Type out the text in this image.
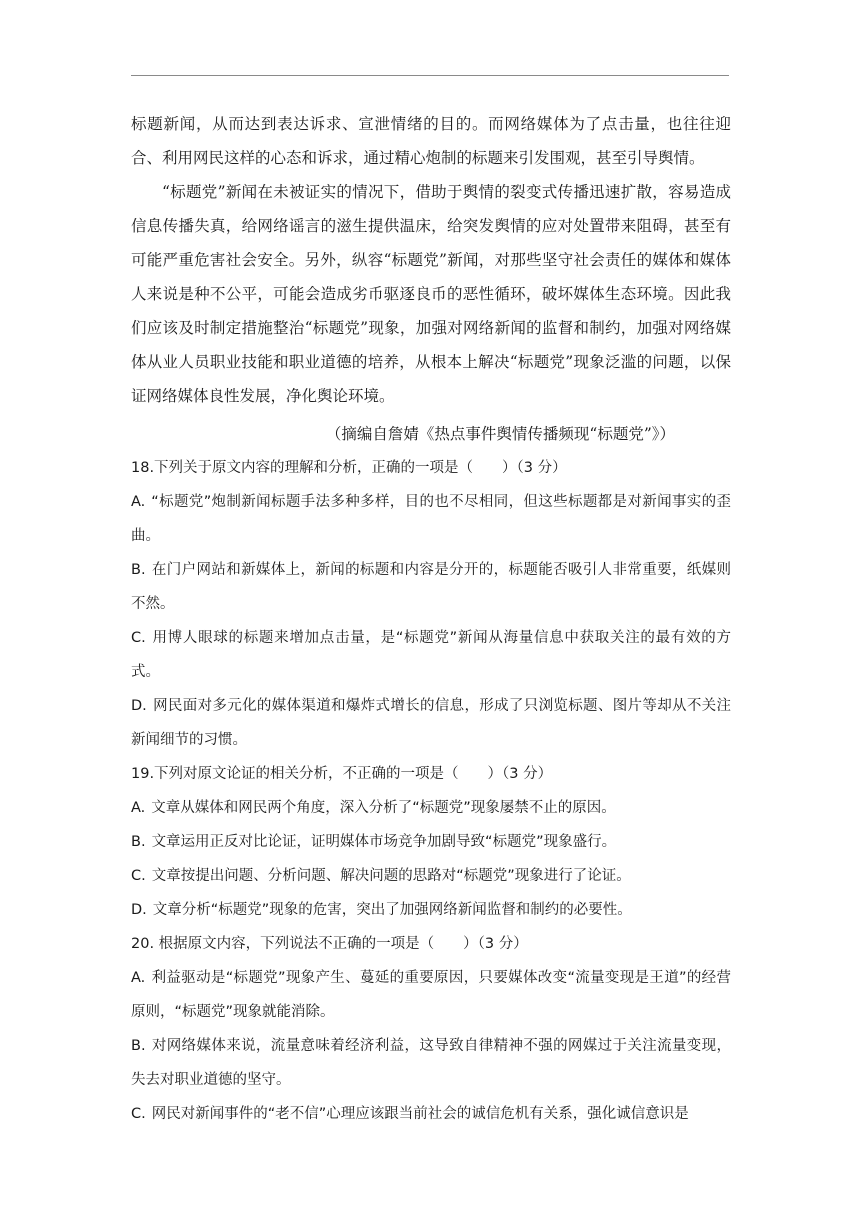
标题新闻，从而达到表达诉求、宣泄情绪的目的。而网络媒体为了点击量，也往往迎合、利用网民这样的心态和诉求，通过精心炮制的标题来引发围观，甚至引导舆情。

“标题党”新闻在未被证实的情况下，借助于舆情的裂变式传播迅速扩散，容易造成信息传播失真，给网络谣言的滋生提供温床，给突发舆情的应对处置带来阻碍，甚至有可能严重危害社会安全。另外，纵容“标题党”新闻，对那些坚守社会责任的媒体和媒体人来说是种不公平，可能会造成劣币驱逐良币的恶性循环，破坏媒体生态环境。因此我们应该及时制定措施整治“标题党”现象，加强对网络新闻的监督和制约，加强对网络媒体从业人员职业技能和职业道德的培养，从根本上解决“标题党”现象泛滥的问题，以保证网络媒体良性发展，净化舆论环境。

（摘编自詹婧《热点事件舆情传播频现“标题党”》）

18.下列关于原文内容的理解和分析，正确的一项是（　　）（3 分）

A. “标题党”炮制新闻标题手法多种多样，目的也不尽相同，但这些标题都是对新闻事实的歪曲。

B. 在门户网站和新媒体上，新闻的标题和内容是分开的，标题能否吸引人非常重要，纸媒则不然。

C. 用博人眼球的标题来增加点击量，是“标题党”新闻从海量信息中获取关注的最有效的方式。

D. 网民面对多元化的媒体渠道和爆炸式增长的信息，形成了只浏览标题、图片等却从不关注新闻细节的习惯。

19.下列对原文论证的相关分析，不正确的一项是（　　）（3 分）

A. 文章从媒体和网民两个角度，深入分析了“标题党”现象屡禁不止的原因。

B. 文章运用正反对比论证，证明媒体市场竞争加剧导致“标题党”现象盛行。

C. 文章按提出问题、分析问题、解决问题的思路对“标题党”现象进行了论证。

D. 文章分析“标题党”现象的危害，突出了加强网络新闻监督和制约的必要性。

20. 根据原文内容，下列说法不正确的一项是（　　）（3 分）

A. 利益驱动是“标题党”现象产生、蔓延的重要原因，只要媒体改变“流量变现是王道”的经营原则，“标题党”现象就能消除。

B. 对网络媒体来说，流量意味着经济利益，这导致自律精神不强的网媒过于关注流量变现，失去对职业道德的坚守。

C. 网民对新闻事件的“老不信”心理应该跟当前社会的诚信危机有关系，强化诚信意识是
